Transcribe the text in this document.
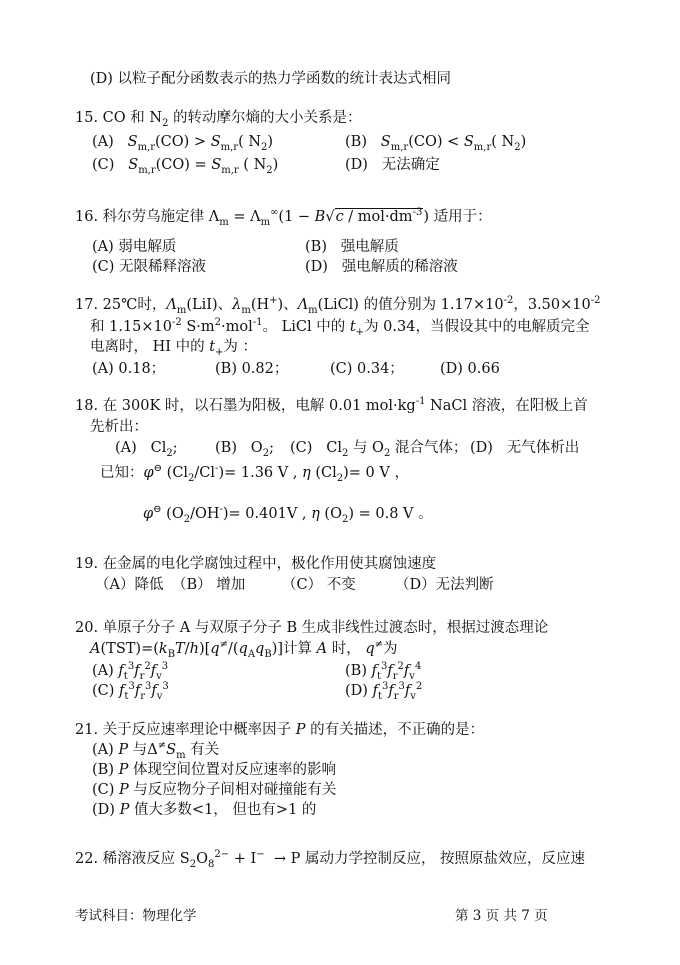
(D) 以粒子配分函数表示的热力学函数的统计表达式相同
15. CO 和 $N_2$ 的转动摩尔熵的大小关系是：
(A)   $S_{m,r}(CO) > S_{m,r}$( $N_2$)	(B)   $S_{m,r}(CO) < S_{m,r}$( $N_2$)
(C)   $S_{m,r}(CO) = S_{m,r}$ ( $N_2$)	(D)   无法确定
16. 科尔劳乌施定律 $\Lambda_m = \Lambda_m^\infty(1 - B√c / mol\cdot dm^{-3})$ 适用于：
(A) 弱电解质	(B)   强电解质
(C) 无限稀释溶液	(D)   强电解质的稀溶液
17. 25℃时，$\Lambda_m(LiI)$、$\lambda_m(H^+)$、$\Lambda_m(LiCl)$ 的值分别为 $1.17\times 10^{-2}$，$3.50\times 10^{-2}$
和 $1.15\times 10^{-2}$ $S\cdot m^2\cdot mol^{-1}$。 LiCl 中的 $t_+$为 0.34，当假设其中的电解质完全
电离时， HI 中的 $t_+$为 ：
(A) 0.18；	(B) 0.82；	(C) 0.34； (D) 0.66
18. 在 300K 时，以石墨为阳极，电解 0.01 $mol\cdot kg^{-1}$ NaCl 溶液，在阳极上首
先析出：
(A)   $Cl_2$;	(B)   $O_2$; (C)   $Cl_2$ 与 $O_2$ 混合气体； (D)   无气体析出
已知：φ⊖ $(Cl_2/Cl^-)= 1.36$ V , η $(Cl_2)= 0$ V ，
φ⊖ $(O_2/OH^-)= 0.401V$ , η $(O_2) = 0.8$ V 。
19. 在金属的电化学腐蚀过程中，极化作用使其腐蚀速度
（A）降低 （B） 增加	（C） 不变	（D）无法判断
20. 单原子分子 A 与双原子分子 B 生成非线性过渡态时，根据过渡态理论
$A(TST)=(k_BT/h)[q^\ne/(q_Aq_B)]$计算 A 时， q≠为
(A) $f_t^3f_r^2f_v^3$	(B) $f_t^3f_r^2f_v^4$
(C) $f_t^3f_r^3f_v^3$	(D) $f_t^3f_r^3f_v^2$
21. 关于反应速率理论中概率因子 P 的有关描述，不正确的是：
(A) P 与$\Delta^\ne S_m$ 有关
(B) P 体现空间位置对反应速率的影响
(C) P 与反应物分子间相对碰撞能有关
(D) P 值大多数<1， 但也有>1 的
22. 稀溶液反应 $S_2O_8^{2-} + I^- \to P$ 属动力学控制反应， 按照原盐效应，反应速
考试科目：物理化学	第 3 页 共 7 页
